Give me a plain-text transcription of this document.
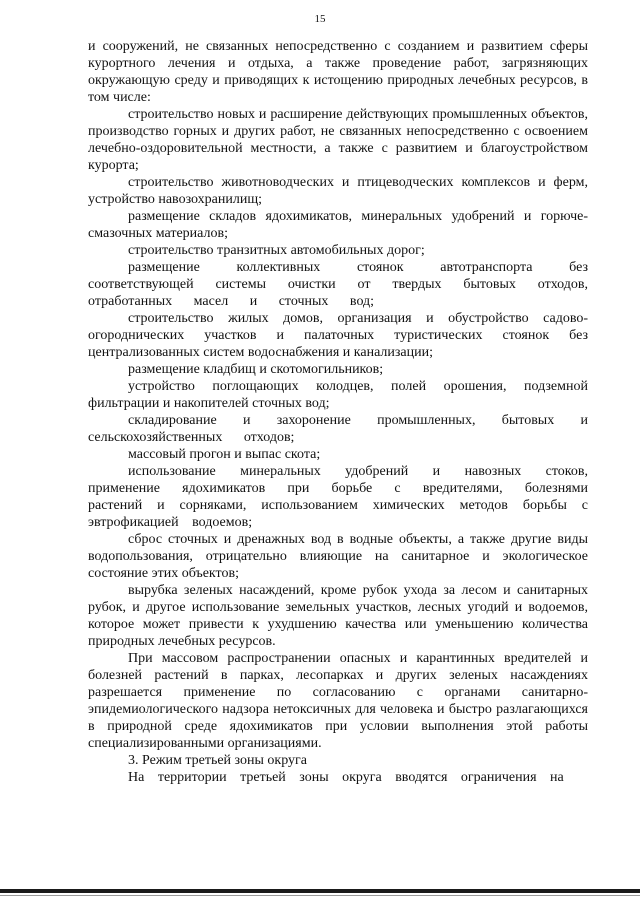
15

и сооружений, не связанных непосредственно с созданием и развитием сферы курортного лечения и отдыха, а также проведение работ, загрязняющих окружающую среду и приводящих к истощению природных лечебных ресурсов, в том числе:

строительство новых и расширение действующих промышленных объектов, производство горных и других работ, не связанных непосредственно с освоением лечебно-оздоровительной местности, а также с развитием и благоустройством курорта;

строительство животноводческих и птицеводческих комплексов и ферм, устройство навозохранилищ;

размещение складов ядохимикатов, минеральных удобрений и горюче-смазочных материалов;

строительство транзитных автомобильных дорог;

размещение коллективных стоянок автотранспорта без соответствующей системы очистки от твердых бытовых отходов, отработанных масел и сточных вод;

строительство жилых домов, организация и обустройство садово-огороднических участков и палаточных туристических стоянок без централизованных систем водоснабжения и канализации;

размещение кладбищ и скотомогильников;

устройство поглощающих колодцев, полей орошения, подземной фильтрации и накопителей сточных вод;

складирование и захоронение промышленных, бытовых и сельскохозяйственных отходов;

массовый прогон и выпас скота;

использование минеральных удобрений и навозных стоков, применение ядохимикатов при борьбе с вредителями, болезнями растений и сорняками, использованием химических методов борьбы с эвтрофикацией водоемов;

сброс сточных и дренажных вод в водные объекты, а также другие виды водопользования, отрицательно влияющие на санитарное и экологическое состояние этих объектов;

вырубка зеленых насаждений, кроме рубок ухода за лесом и санитарных рубок, и другое использование земельных участков, лесных угодий и водоемов, которое может привести к ухудшению качества или уменьшению количества природных лечебных ресурсов.

При массовом распространении опасных и карантинных вредителей и болезней растений в парках, лесопарках и других зеленых насаждениях разрешается применение по согласованию с органами санитарно-эпидемиологического надзора нетоксичных для человека и быстро разлагающихся в природной среде ядохимикатов при условии выполнения этой работы специализированными организациями.

3. Режим третьей зоны округа

На территории третьей зоны округа вводятся ограничения на
